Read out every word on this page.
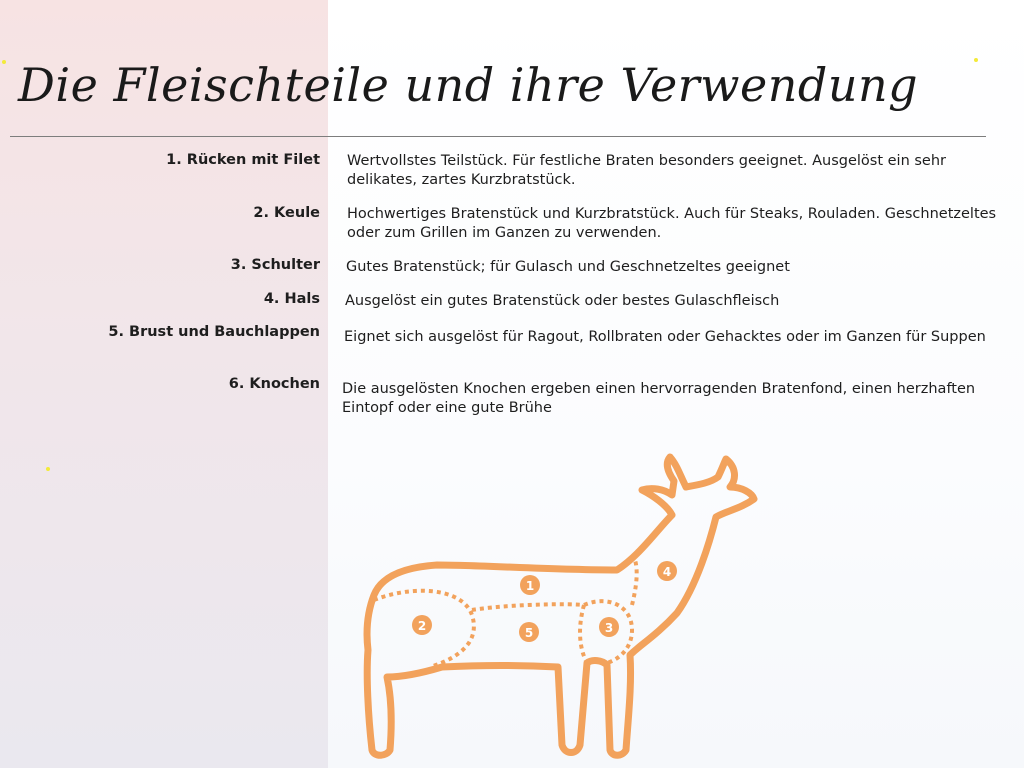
Die Fleischteile und ihre Verwendung
1. Rücken mit Filet Wertvollstes Teilstück. Für festliche Braten besonders geeignet. Ausgelöst ein sehr delikates, zartes Kurzbratstück.
2. Keule Hochwertiges Bratenstück und Kurzbratstück. Auch für Steaks, Rouladen. Geschnetzeltes oder zum Grillen im Ganzen zu verwenden.
3. Schulter Gutes Bratenstück; für Gulasch und Geschnetzeltes geeignet
4. Hals Ausgelöst ein gutes Bratenstück oder bestes Gulaschfleisch
5. Brust und Bauchlappen Eignet sich ausgelöst für Ragout, Rollbraten oder Gehacktes oder im Ganzen für Suppen
6. Knochen Die ausgelösten Knochen ergeben einen hervorragenden Bratenfond, einen herzhaften Eintopf oder eine gute Brühe
1
2	3
4
5
